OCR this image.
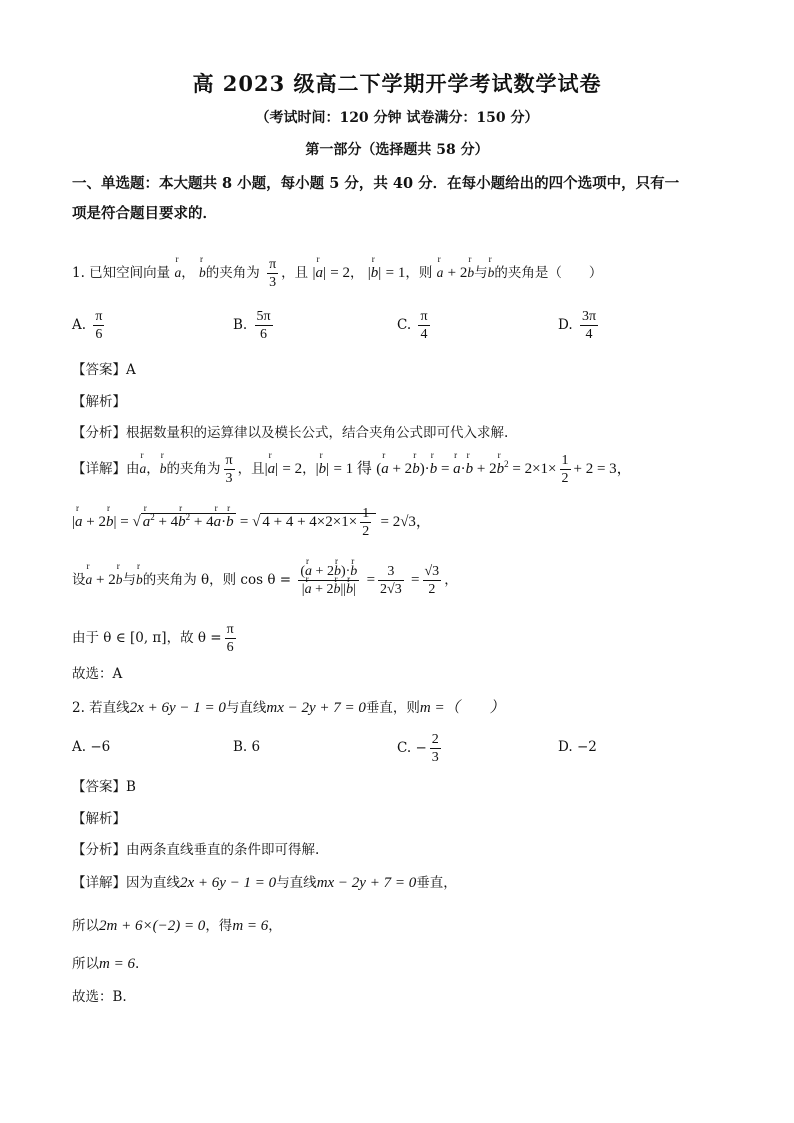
高 2023 级高二下学期开学考试数学试卷
（考试时间：120 分钟 试卷满分：150 分）
第一部分（选择题共 58 分）
一、单选题：本大题共 8 小题，每小题 5 分，共 40 分．在每小题给出的四个选项中，只有一
项是符合题目要求的．
1. 已知空间向量 r a， r b的夹角为 $\frac{\pi}{3}$ ，且 |r a| = 2， |r b| = 1，则 r a + 2r b与r b的夹角是（　　）
A. $\frac{\pi}{6}$	B. $\frac{5\pi}{6}$	C. $\frac{\pi}{4}$	D. $\frac{3\pi}{4}$
【答案】A
【解析】
【分析】根据数量积的运算律以及模长公式，结合夹角公式即可代入求解.
【详解】由r a，r b的夹角为 $\frac{\pi}{3}$ ，且|r a| = 2，|r b| = 1 得 (r a + 2r b)·r b = r a·r b + 2r $b^2 = 2\times 1\times \frac{1}{2} + 2 = 3$，
|r a + 2r b| = √ r $a^2 + 4r$ $b^2 + 4r$ a·r b = √ $4 + 4 + 4\times 2\times 1\times \frac{1}{2} = 2√3$，
设r a + 2r b与r b的夹角为 θ，则 $\cos \theta = \frac{\text{(r a + 2r b)·r b}}{\text{|r a + 2r b||r b|}} = \frac{3}{2√3} = \frac{√3}{2}$ ，
由于 θ ∈ [0, π]，故 $\theta = \frac{\pi}{6}$
故选：A
2. 若直线2x + 6y − 1 = 0与直线mx − 2y + 7 = 0垂直，则m =（　　）
A. −6	B. 6	C. − $\frac{2}{3}$	D. −2
【答案】B
【解析】
【分析】由两条直线垂直的条件即可得解.
【详解】因为直线2x + 6y − 1 = 0与直线mx − 2y + 7 = 0垂直，
所以2m + 6×(−2) = 0，得m = 6，
所以m = 6.
故选：B.
